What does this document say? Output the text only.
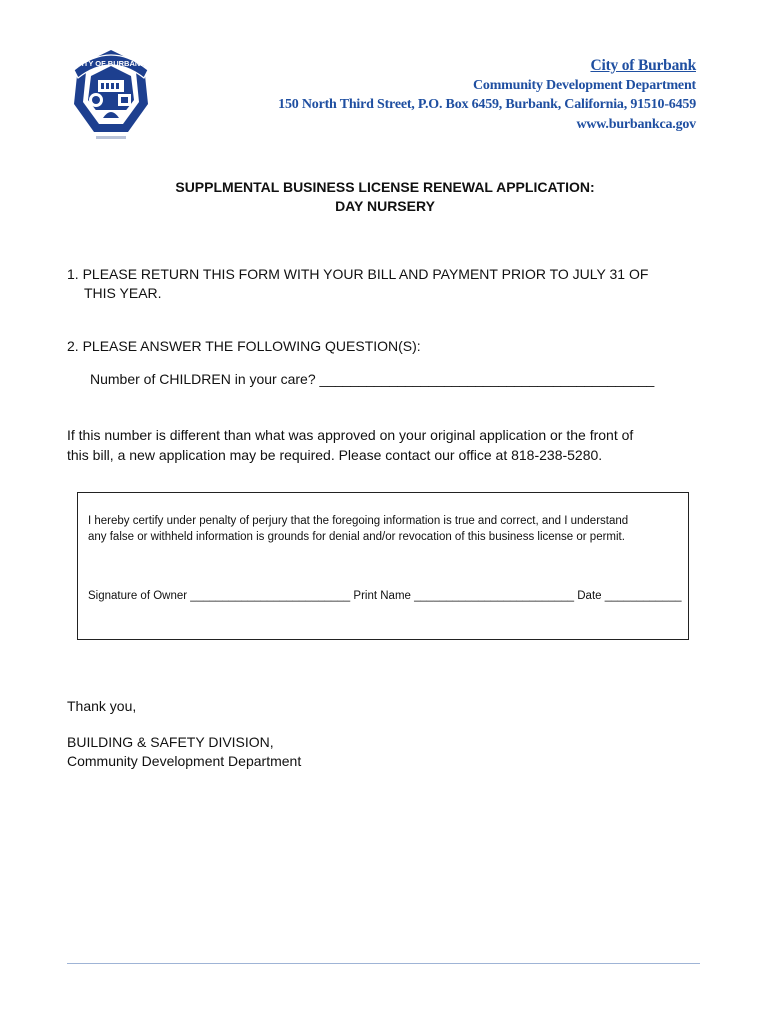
CITY OF BURBANK	City of Burbank
Community Development Department
150 North Third Street, P.O. Box 6459, Burbank, California, 91510-6459
www.burbankca.gov
SUPPLMENTAL BUSINESS LICENSE RENEWAL APPLICATION:
DAY NURSERY
1. PLEASE RETURN THIS FORM WITH YOUR BILL AND PAYMENT PRIOR TO JULY 31 OF
THIS YEAR.
2. PLEASE ANSWER THE FOLLOWING QUESTION(S):
Number of CHILDREN in your care? ___________________________________________
If this number is different than what was approved on your original application or the front of
this bill, a new application may be required. Please contact our office at 818-238-5280.
I hereby certify under penalty of perjury that the foregoing information is true and correct, and I understand
any false or withheld information is grounds for denial and/or revocation of this business license or permit.
Signature of Owner _________________________ Print Name _________________________ Date ____________
Thank you,
BUILDING & SAFETY DIVISION,
Community Development Department
